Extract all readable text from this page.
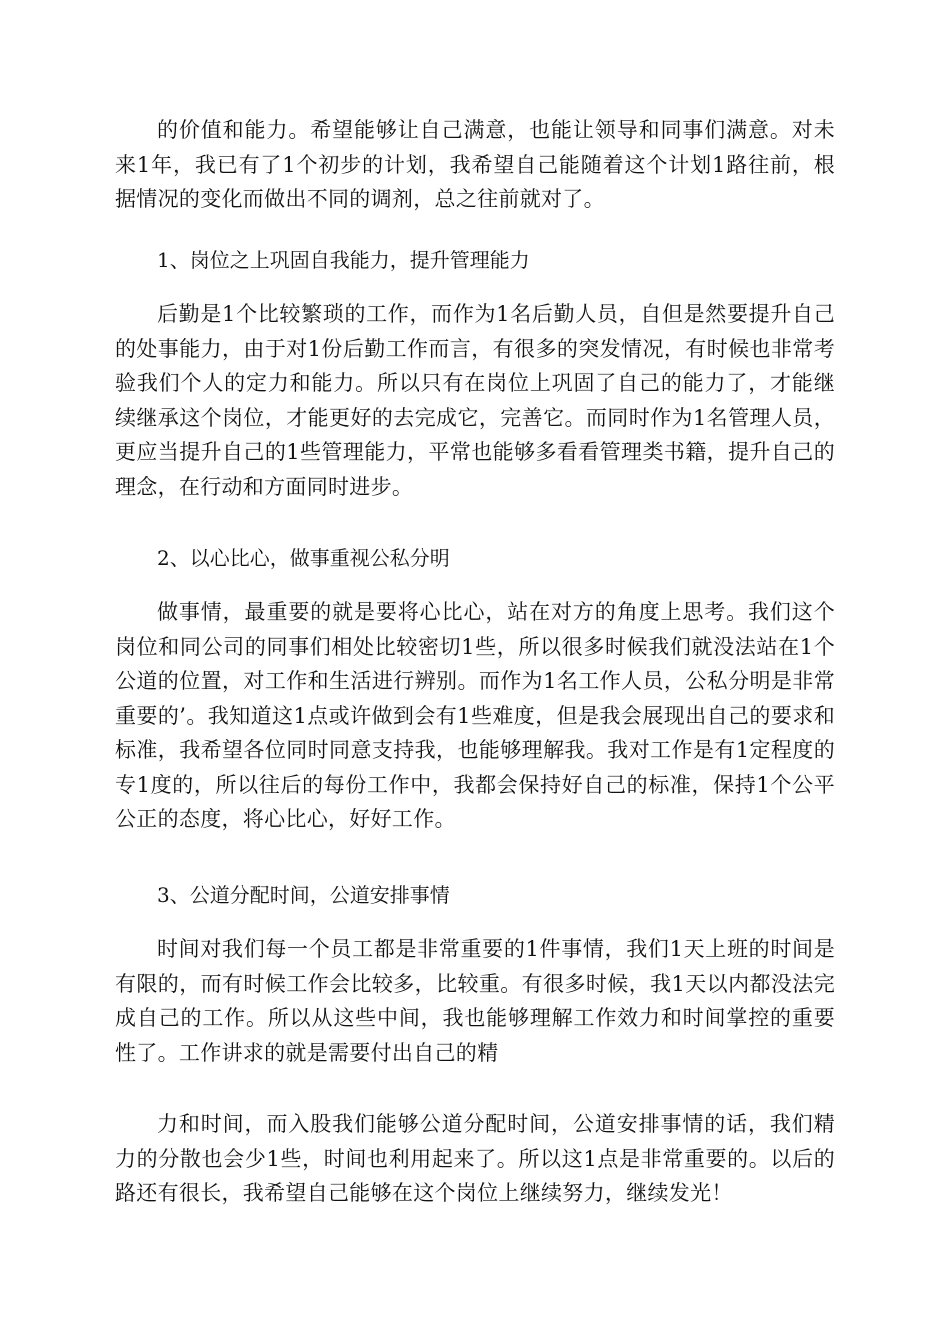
的价值和能力。希望能够让自己满意，也能让领导和同事们满意。对未来1年，我已有了1个初步的计划，我希望自己能随着这个计划1路往前，根据情况的变化而做出不同的调剂，总之往前就对了。

1、岗位之上巩固自我能力，提升管理能力

后勤是1个比较繁琐的工作，而作为1名后勤人员，自但是然要提升自己的处事能力，由于对1份后勤工作而言，有很多的突发情况，有时候也非常考验我们个人的定力和能力。所以只有在岗位上巩固了自己的能力了，才能继续继承这个岗位，才能更好的去完成它，完善它。而同时作为1名管理人员，更应当提升自己的1些管理能力，平常也能够多看看管理类书籍，提升自己的理念，在行动和方面同时进步。

2、以心比心，做事重视公私分明

做事情，最重要的就是要将心比心，站在对方的角度上思考。我们这个岗位和同公司的同事们相处比较密切1些，所以很多时候我们就没法站在1个公道的位置，对工作和生活进行辨别。而作为1名工作人员，公私分明是非常重要的’。我知道这1点或许做到会有1些难度，但是我会展现出自己的要求和标准，我希望各位同时同意支持我，也能够理解我。我对工作是有1定程度的专1度的，所以往后的每份工作中，我都会保持好自己的标准，保持1个公平公正的态度，将心比心，好好工作。

3、公道分配时间，公道安排事情

时间对我们每一个员工都是非常重要的1件事情，我们1天上班的时间是有限的，而有时候工作会比较多，比较重。有很多时候，我1天以内都没法完成自己的工作。所以从这些中间，我也能够理解工作效力和时间掌控的重要性了。工作讲求的就是需要付出自己的精

力和时间，而入股我们能够公道分配时间，公道安排事情的话，我们精力的分散也会少1些，时间也利用起来了。所以这1点是非常重要的。以后的路还有很长，我希望自己能够在这个岗位上继续努力，继续发光！
